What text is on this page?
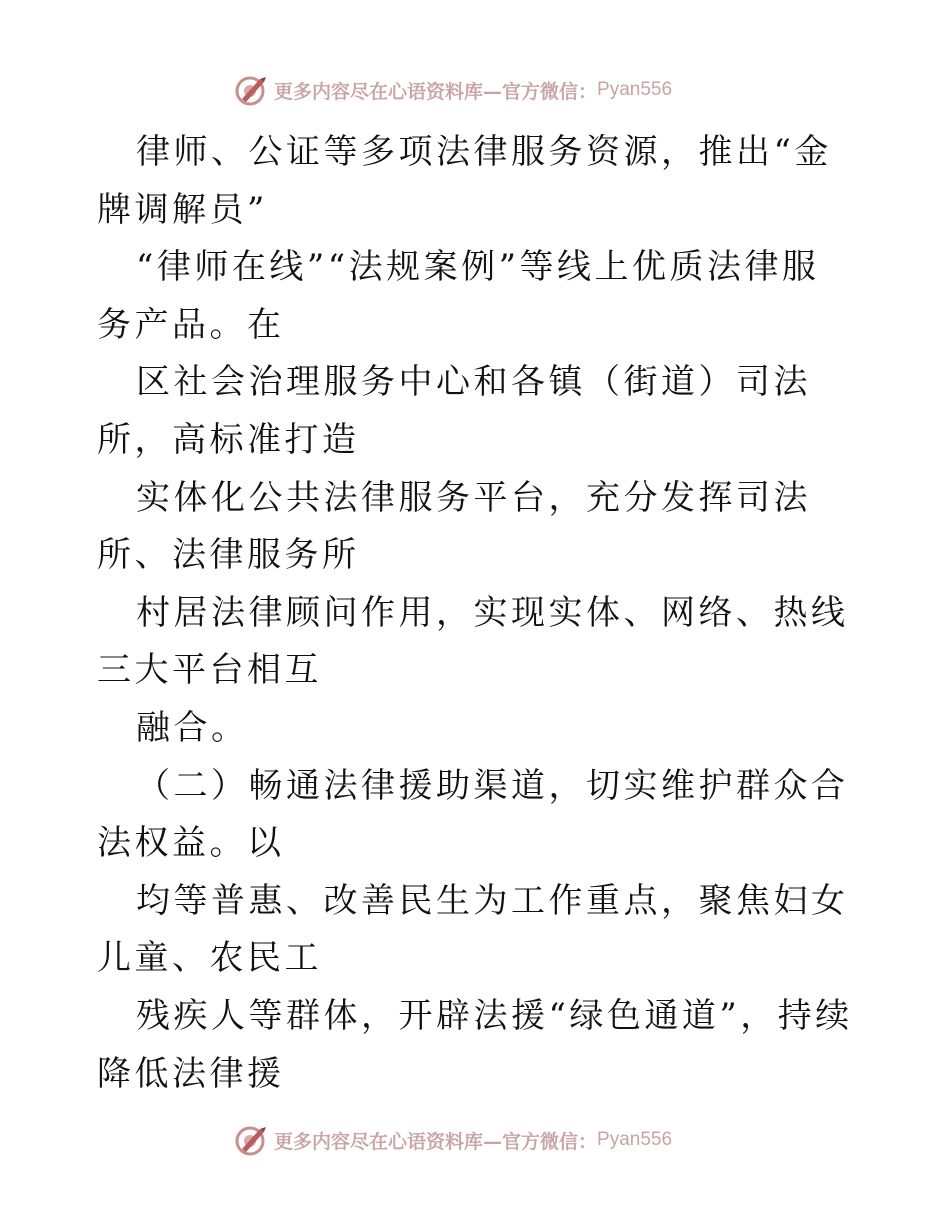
更多内容尽在心语资料库—官方微信： Pyan556

律师、公证等多项法律服务资源，推出“金牌调解员”

“律师在线”“法规案例”等线上优质法律服务产品。在

区社会治理服务中心和各镇（街道）司法所，高标准打造

实体化公共法律服务平台，充分发挥司法所、法律服务所

村居法律顾问作用，实现实体、网络、热线三大平台相互

融合。

（二）畅通法律援助渠道，切实维护群众合法权益。以

均等普惠、改善民生为工作重点，聚焦妇女儿童、农民工

残疾人等群体，开辟法援“绿色通道”，持续降低法律援

更多内容尽在心语资料库—官方微信： Pyan556
